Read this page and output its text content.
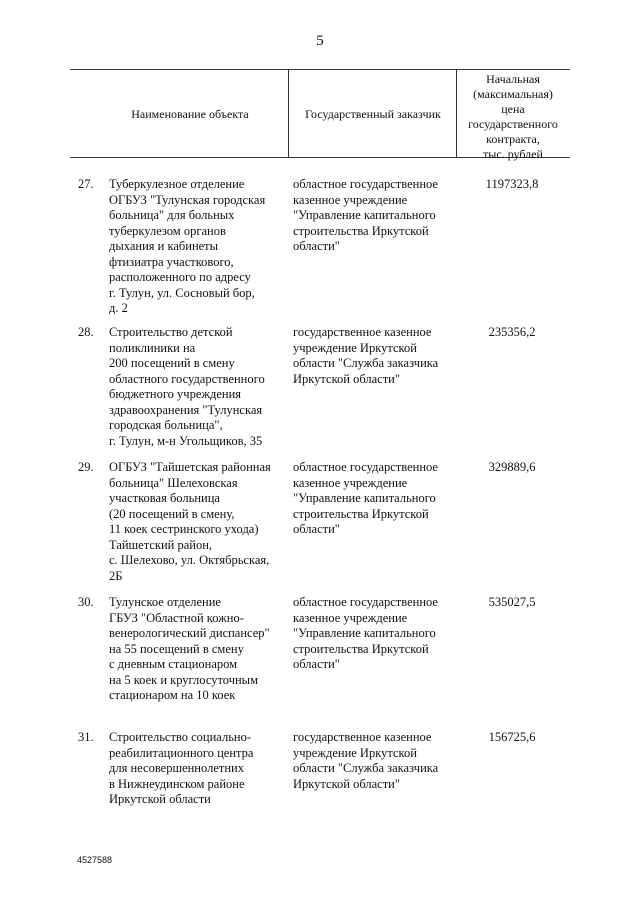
5
Наименование объекта	Государственный заказчик
Начальная
(максимальная)
цена
государственного
контракта,
тыс. рублей
27. Туберкулезное отделение
ОГБУЗ "Тулунская городская
больница" для больных
туберкулезом органов
дыхания и кабинеты
фтизиатра участкового,
расположенного по адресу
г. Тулун, ул. Сосновый бор,
д. 2
областное государственное
казенное учреждение
"Управление капитального
строительства Иркутской
области"
1197323,8
28. Строительство детской
поликлиники на
200 посещений в смену
областного государственного
бюджетного учреждения
здравоохранения "Тулунская
городская больница",
г. Тулун, м-н Угольщиков, 35
государственное казенное
учреждение Иркутской
области "Служба заказчика
Иркутской области"
235356,2
29. ОГБУЗ "Тайшетская районная
больница" Шелеховская
участковая больница
(20 посещений в смену,
11 коек сестринского ухода)
Тайшетский район,
с. Шелехово, ул. Октябрьская,
2Б
областное государственное
казенное учреждение
"Управление капитального
строительства Иркутской
области"
329889,6
30. Тулунское отделение
ГБУЗ "Областной кожно-
венерологический диспансер"
на 55 посещений в смену
с дневным стационаром
на 5 коек и круглосуточным
стационаром на 10 коек
областное государственное
казенное учреждение
"Управление капитального
строительства Иркутской
области"
535027,5
31. Строительство социально-
реабилитационного центра
для несовершеннолетних
в Нижнеудинском районе
Иркутской области
государственное казенное
учреждение Иркутской
области "Служба заказчика
Иркутской области"
156725,6
4527588
